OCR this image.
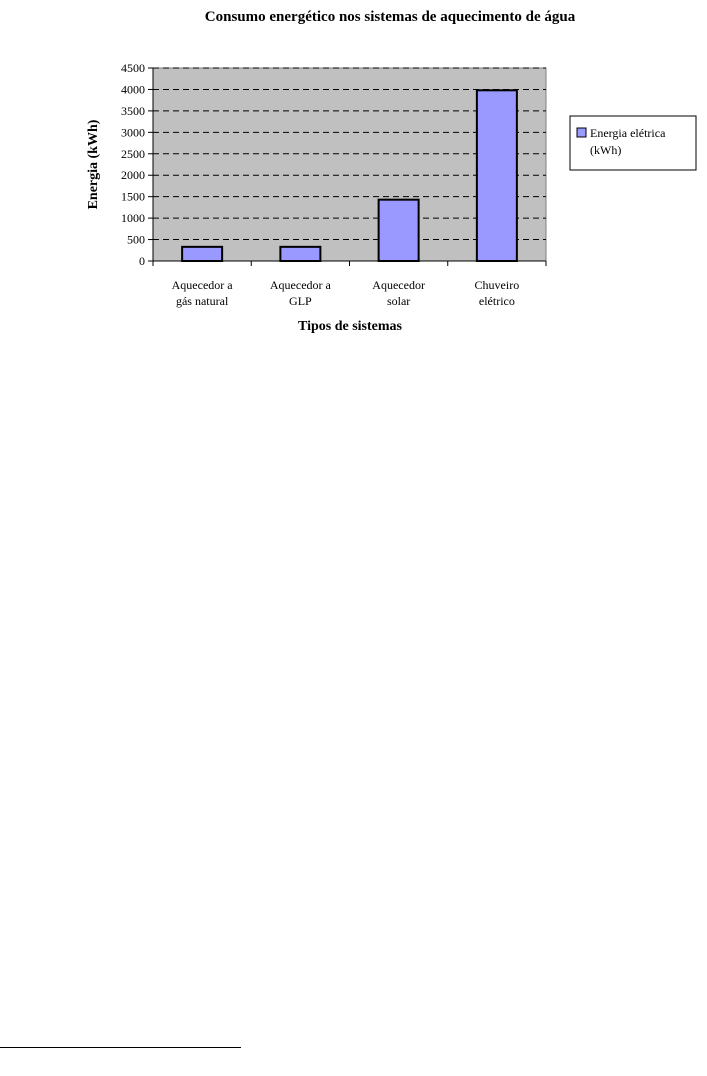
Consumo energético nos sistemas de aquecimento de água
0
500
1000
1500
2000
2500
3000
3500
4000
4500
Aquecedor a
gás natural
Aquecedor a
GLP
Aquecedor
solar
Chuveiro
elétrico
Tipos de sistemas
Energia (kWh)	Energia elétrica
(kWh)
